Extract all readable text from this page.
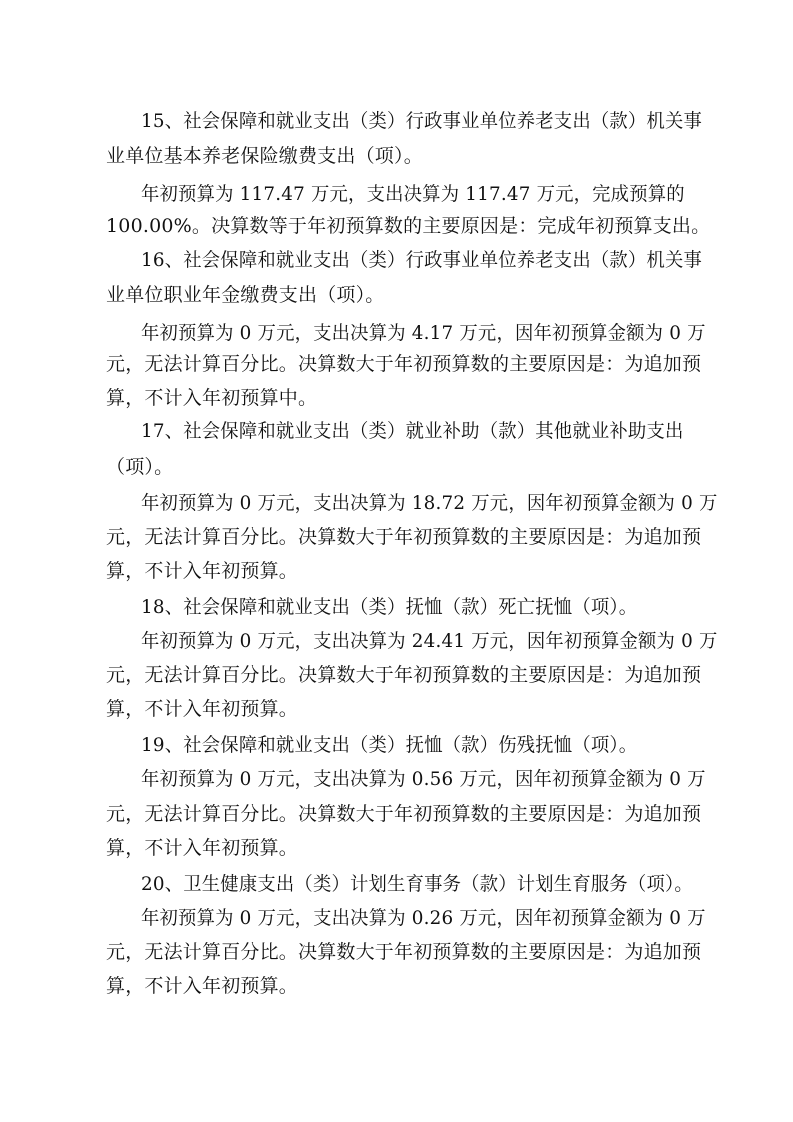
15、社会保障和就业支出（类）行政事业单位养老支出（款）机关事
业单位基本养老保险缴费支出（项）。
年初预算为 117.47 万元，支出决算为 117.47 万元，完成预算的
100.00%。决算数等于年初预算数的主要原因是：完成年初预算支出。
16、社会保障和就业支出（类）行政事业单位养老支出（款）机关事
业单位职业年金缴费支出（项）。
年初预算为 0 万元，支出决算为 4.17 万元，因年初预算金额为 0 万
元，无法计算百分比。决算数大于年初预算数的主要原因是：为追加预
算，不计入年初预算中。
17、社会保障和就业支出（类）就业补助（款）其他就业补助支出
（项）。
年初预算为 0 万元，支出决算为 18.72 万元，因年初预算金额为 0 万
元，无法计算百分比。决算数大于年初预算数的主要原因是：为追加预
算，不计入年初预算。
18、社会保障和就业支出（类）抚恤（款）死亡抚恤（项）。
年初预算为 0 万元，支出决算为 24.41 万元，因年初预算金额为 0 万
元，无法计算百分比。决算数大于年初预算数的主要原因是：为追加预
算，不计入年初预算。
19、社会保障和就业支出（类）抚恤（款）伤残抚恤（项）。
年初预算为 0 万元，支出决算为 0.56 万元，因年初预算金额为 0 万
元，无法计算百分比。决算数大于年初预算数的主要原因是：为追加预
算，不计入年初预算。
20、卫生健康支出（类）计划生育事务（款）计划生育服务（项）。
年初预算为 0 万元，支出决算为 0.26 万元，因年初预算金额为 0 万
元，无法计算百分比。决算数大于年初预算数的主要原因是：为追加预
算，不计入年初预算。
